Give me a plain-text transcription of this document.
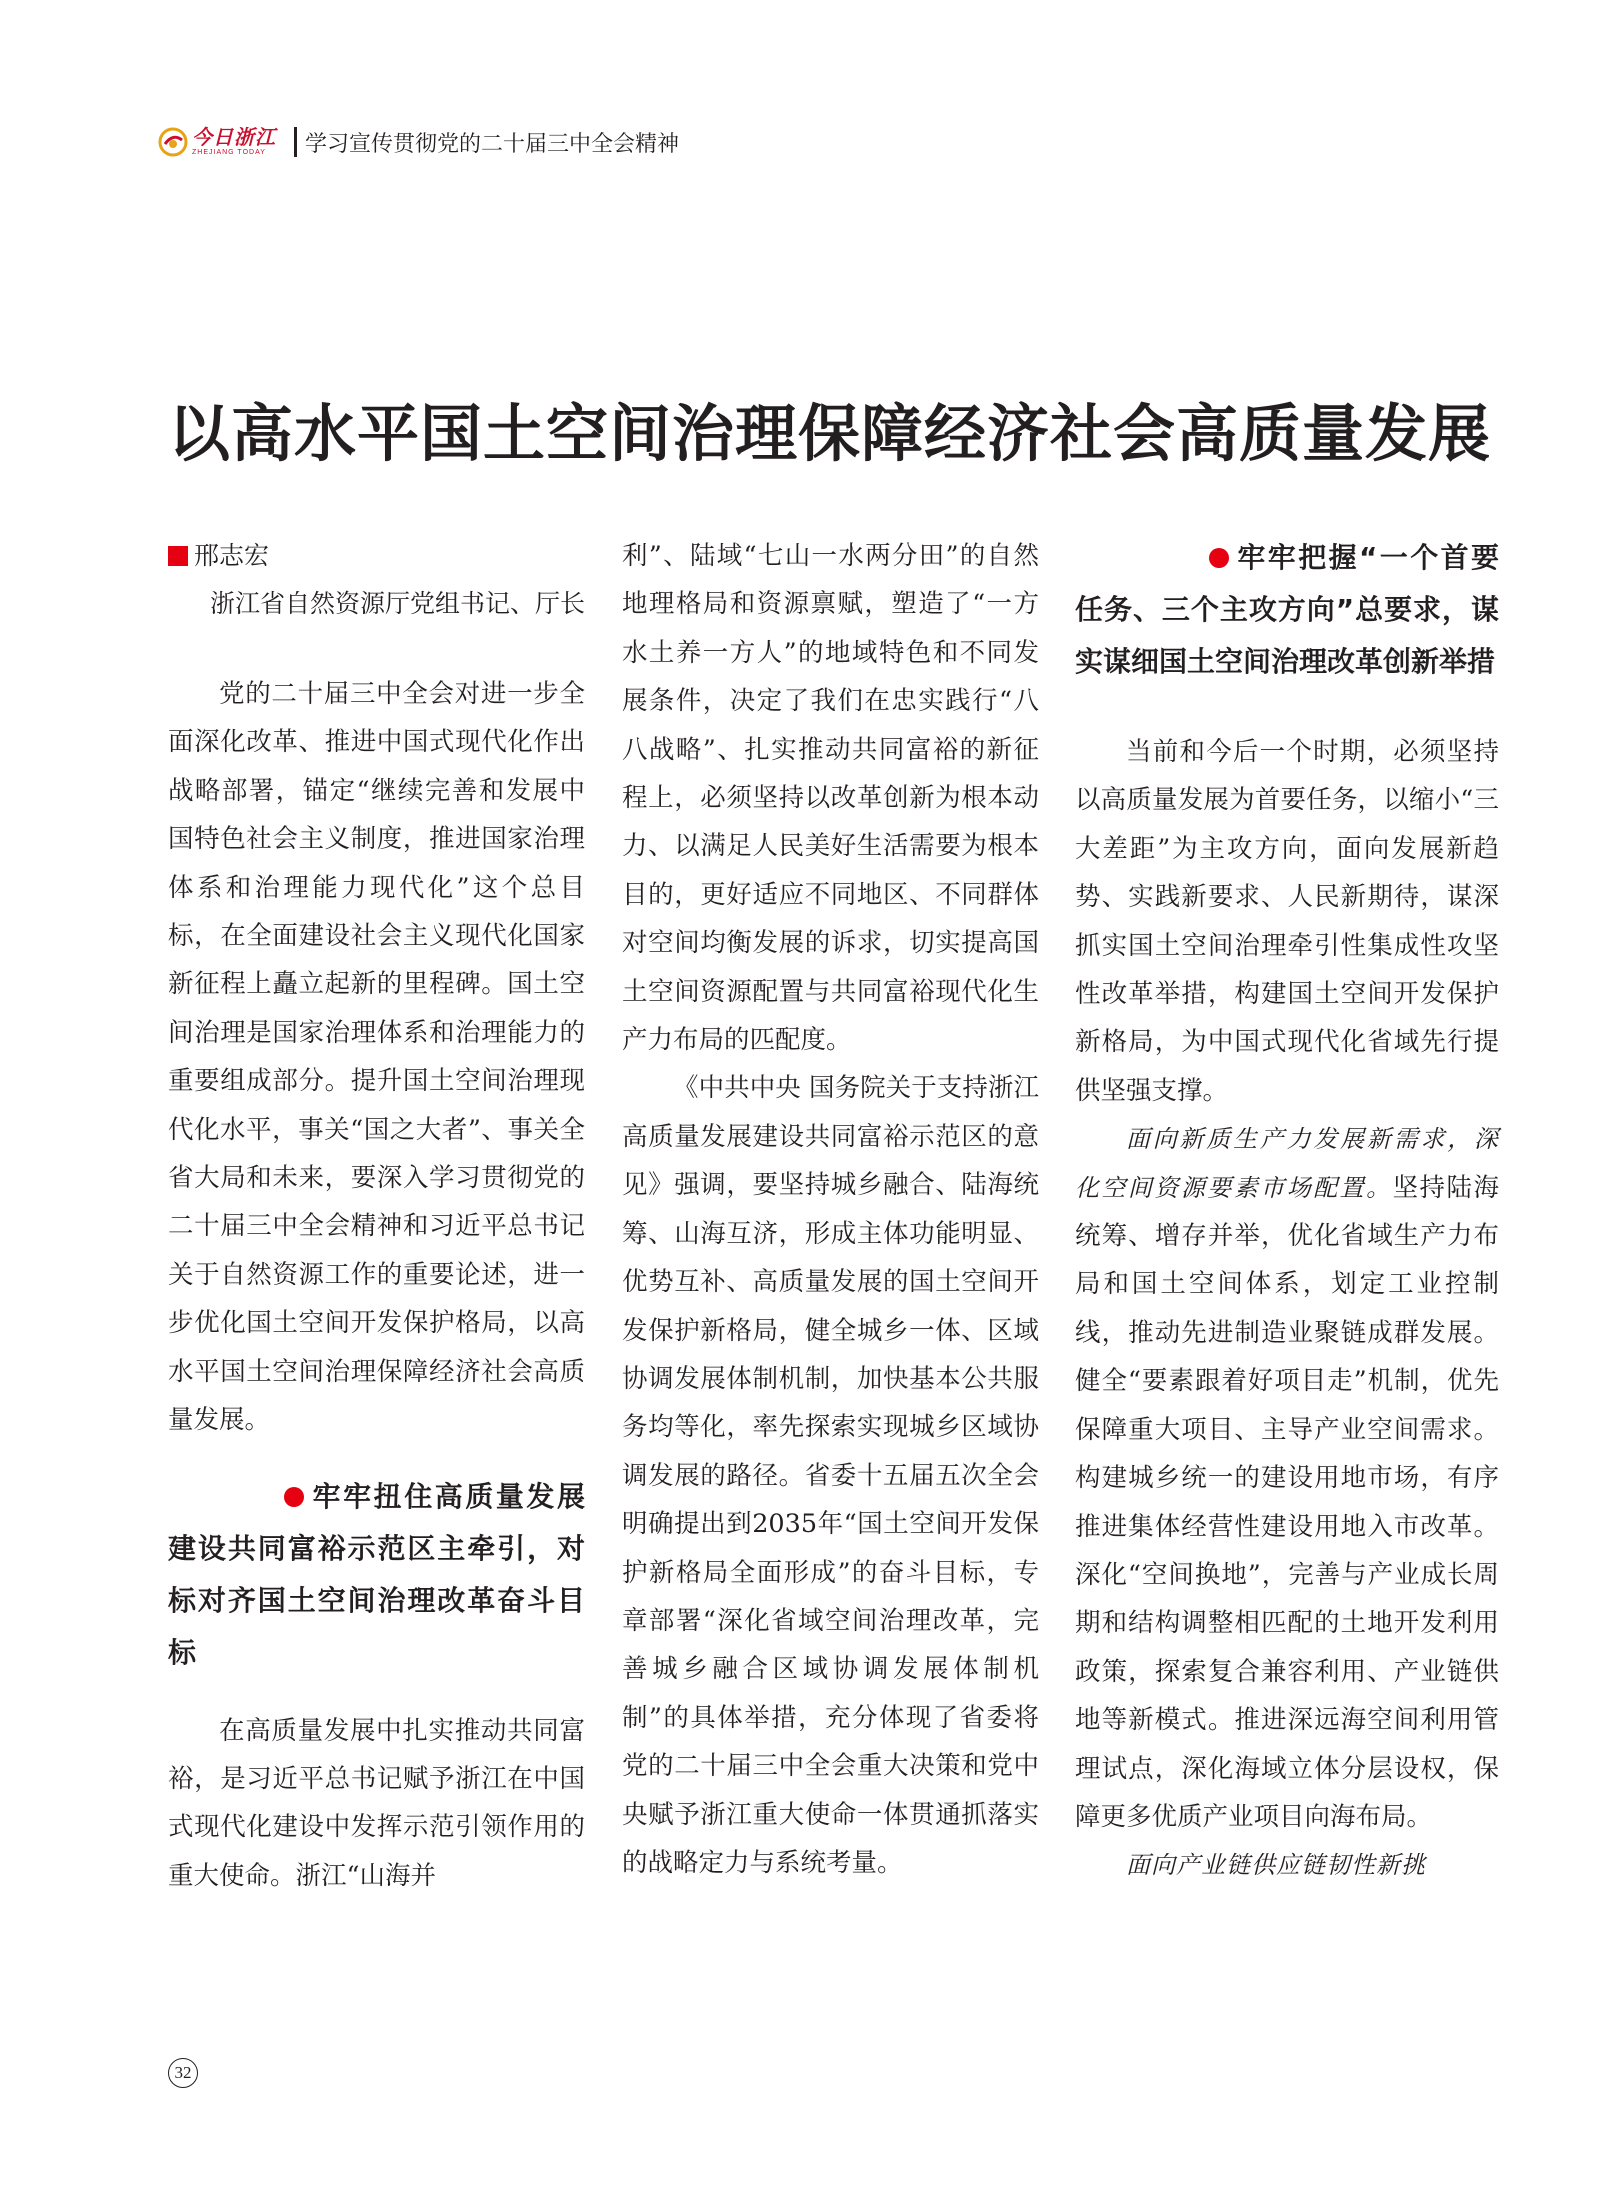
今日浙江
ZHEJIANG TODAY	学习宣传贯彻党的二十届三中全会精神
以高水平国土空间治理保障经济社会高质量发展
邢志宏
浙江省自然资源厅党组书记、厅长

党的二十届三中全会对进一步全面深化改革、推进中国式现代化作出战略部署，锚定“继续完善和发展中国特色社会主义制度，推进国家治理体系和治理能力现代化”这个总目标，在全面建设社会主义现代化国家新征程上矗立起新的里程碑。国土空间治理是国家治理体系和治理能力的重要组成部分。提升国土空间治理现代化水平，事关“国之大者”、事关全省大局和未来，要深入学习贯彻党的二十届三中全会精神和习近平总书记关于自然资源工作的重要论述，进一步优化国土空间开发保护格局，以高水平国土空间治理保障经济社会高质量发展。

牢牢扭住高质量发展建设共同富裕示范区主牵引，对标对齐国土空间治理改革奋斗目标

在高质量发展中扎实推动共同富裕，是习近平总书记赋予浙江在中国式现代化建设中发挥示范引领作用的重大使命。浙江“山海并

利”、陆域“七山一水两分田”的自然地理格局和资源禀赋，塑造了“一方水土养一方人”的地域特色和不同发展条件，决定了我们在忠实践行“八八战略”、扎实推动共同富裕的新征程上，必须坚持以改革创新为根本动力、以满足人民美好生活需要为根本目的，更好适应不同地区、不同群体对空间均衡发展的诉求，切实提高国土空间资源配置与共同富裕现代化生产力布局的匹配度。

《中共中央 国务院关于支持浙江高质量发展建设共同富裕示范区的意见》强调，要坚持城乡融合、陆海统筹、山海互济，形成主体功能明显、优势互补、高质量发展的国土空间开发保护新格局，健全城乡一体、区域协调发展体制机制，加快基本公共服务均等化，率先探索实现城乡区域协调发展的路径。省委十五届五次全会明确提出到2035年“国土空间开发保护新格局全面形成”的奋斗目标，专章部署“深化省域空间治理改革，完善城乡融合区域协调发展体制机制”的具体举措，充分体现了省委将党的二十届三中全会重大决策和党中央赋予浙江重大使命一体贯通抓落实的战略定力与系统考量。

牢牢把握“一个首要任务、三个主攻方向”总要求，谋实谋细国土空间治理改革创新举措

当前和今后一个时期，必须坚持以高质量发展为首要任务，以缩小“三大差距”为主攻方向，面向发展新趋势、实践新要求、人民新期待，谋深抓实国土空间治理牵引性集成性攻坚性改革举措，构建国土空间开发保护新格局，为中国式现代化省域先行提供坚强支撑。

面向新质生产力发展新需求，深化空间资源要素市场配置。坚持陆海统筹、增存并举，优化省域生产力布局和国土空间体系，划定工业控制线，推动先进制造业聚链成群发展。健全“要素跟着好项目走”机制，优先保障重大项目、主导产业空间需求。构建城乡统一的建设用地市场，有序推进集体经营性建设用地入市改革。深化“空间换地”，完善与产业成长周期和结构调整相匹配的土地开发利用政策，探索复合兼容利用、产业链供地等新模式。推进深远海空间利用管理试点，深化海域立体分层设权，保障更多优质产业项目向海布局。

面向产业链供应链韧性新挑

32
